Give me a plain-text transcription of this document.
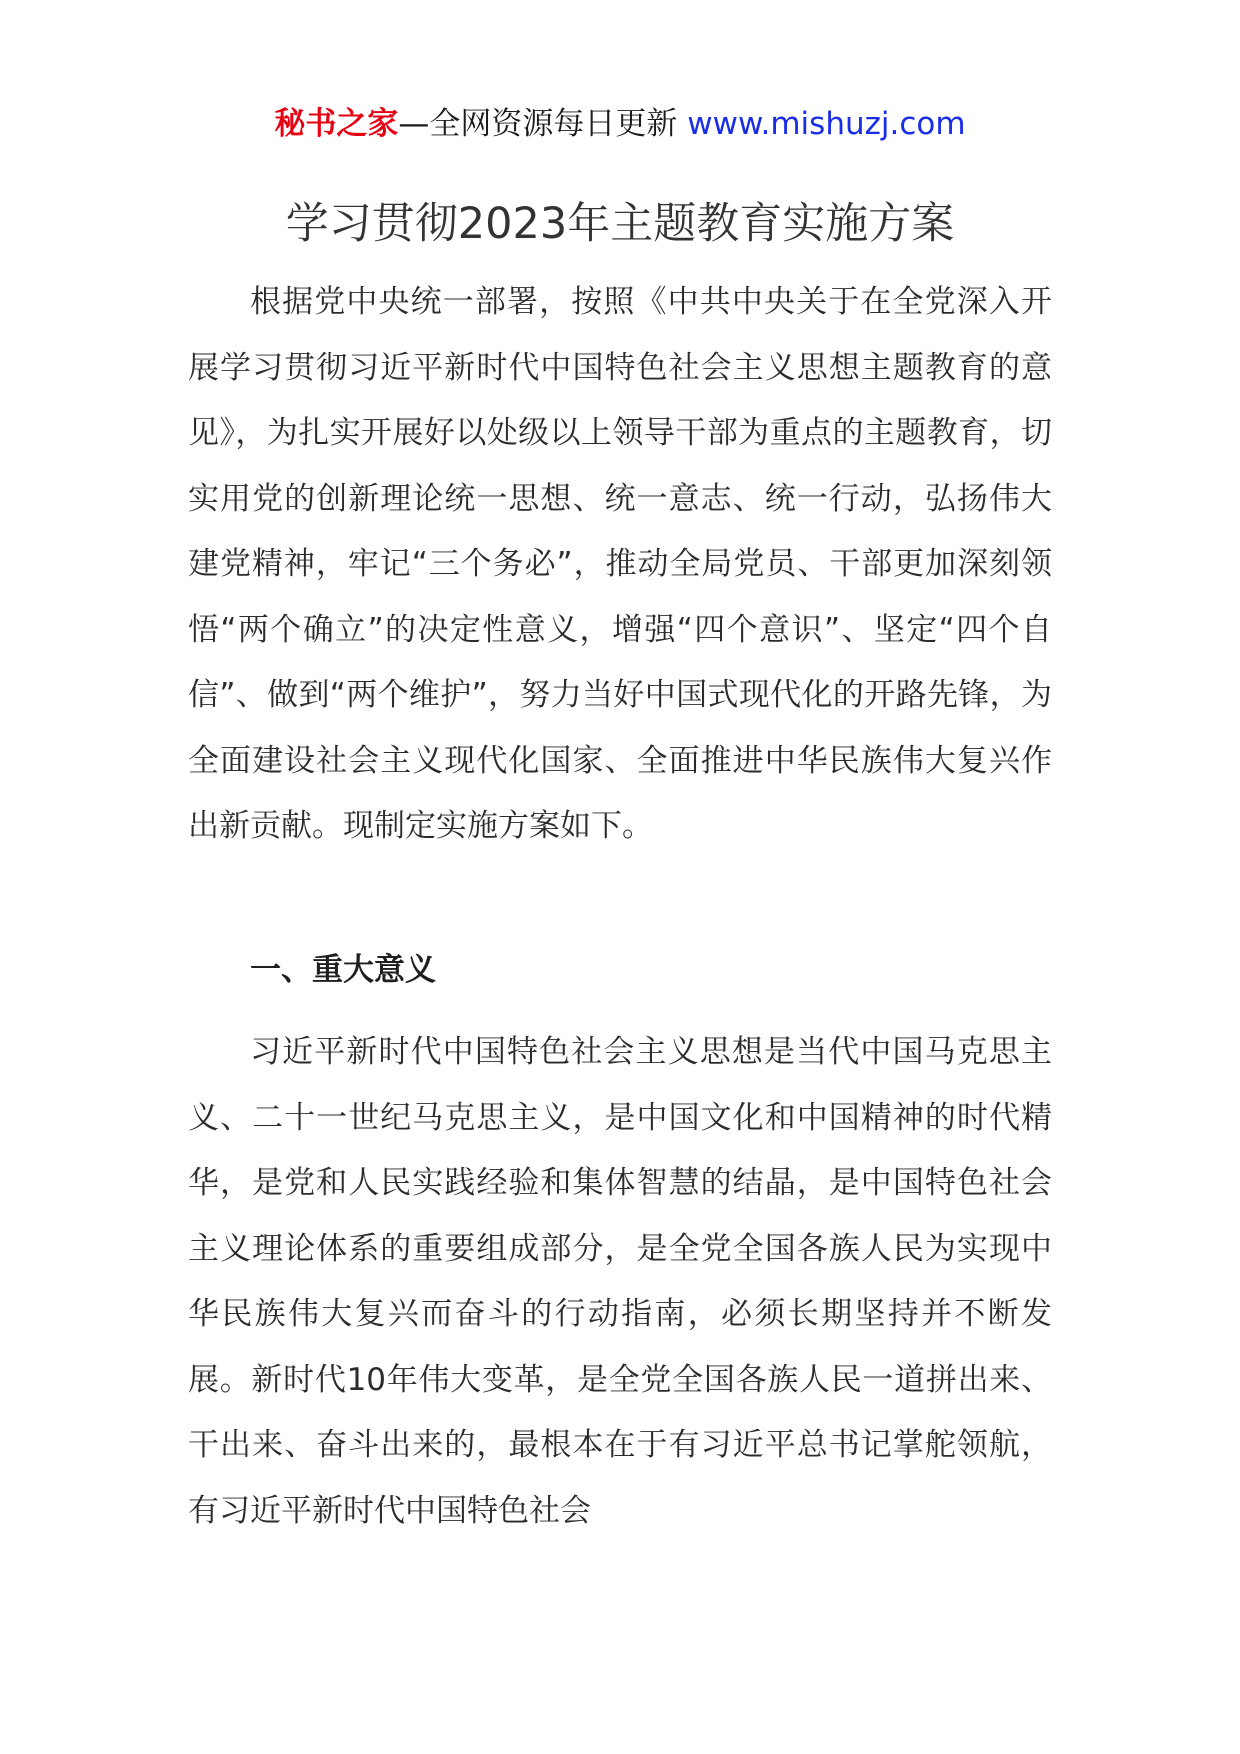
秘书之家—全网资源每日更新 www.mishuzj.com
学习贯彻2023年主题教育实施方案

根据党中央统一部署，按照《中共中央关于在全党深入开展学习贯彻习近平新时代中国特色社会主义思想主题教育的意见》，为扎实开展好以处级以上领导干部为重点的主题教育，切实用党的创新理论统一思想、统一意志、统一行动，弘扬伟大建党精神，牢记“三个务必”，推动全局党员、干部更加深刻领悟“两个确立”的决定性意义，增强“四个意识”、坚定“四个自信”、做到“两个维护”，努力当好中国式现代化的开路先锋，为全面建设社会主义现代化国家、全面推进中华民族伟大复兴作出新贡献。现制定实施方案如下。

一、重大意义

习近平新时代中国特色社会主义思想是当代中国马克思主义、二十一世纪马克思主义，是中国文化和中国精神的时代精华，是党和人民实践经验和集体智慧的结晶，是中国特色社会主义理论体系的重要组成部分，是全党全国各族人民为实现中华民族伟大复兴而奋斗的行动指南，必须长期坚持并不断发展。新时代10年伟大变革，是全党全国各族人民一道拼出来、干出来、奋斗出来的，最根本在于有习近平总书记掌舵领航，有习近平新时代中国特色社会
